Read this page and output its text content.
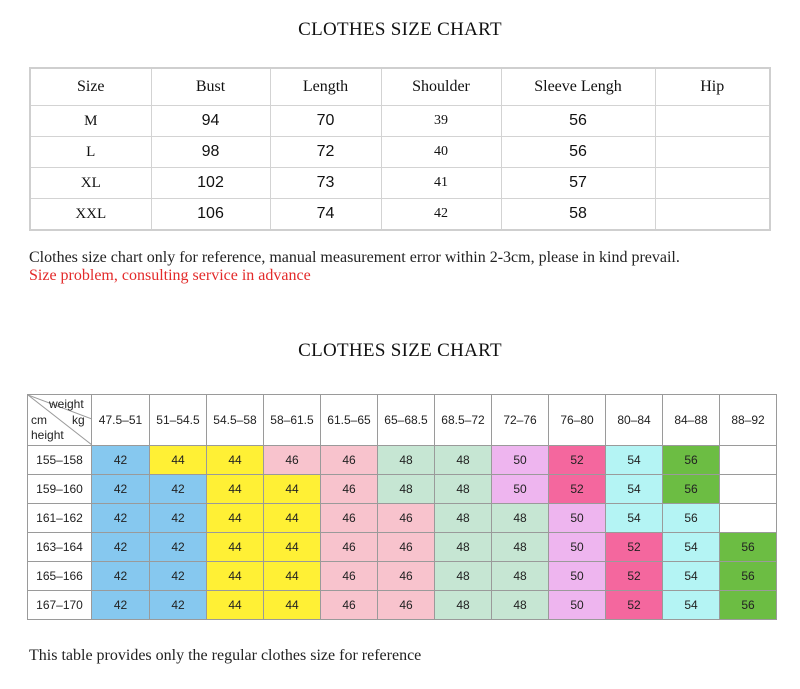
CLOTHES SIZE CHART
Size	Bust	Length	Shoulder	Sleeve Lengh	Hip
M	94	70	39	56	
L	98	72	40	56	
XL	102	73	41	57	
XXL	106	74	42	58	
Clothes size chart only for reference, manual measurement error within 2-3cm, please in kind prevail.
Size problem, consulting service in advance
CLOTHES SIZE CHART
weight
cm kg
height	47.5–51	51–54.5	54.5–58	58–61.5	61.5–65	65–68.5	68.5–72	72–76	76–80	80–84	84–88	88–92
155–158	42	44	44	46	46	48	48	50	52	54	56	
159–160	42	42	44	44	46	48	48	50	52	54	56	
161–162	42	42	44	44	46	46	48	48	50	54	56	
163–164	42	42	44	44	46	46	48	48	50	52	54	56
165–166	42	42	44	44	46	46	48	48	50	52	54	56
167–170	42	42	44	44	46	46	48	48	50	52	54	56
This table provides only the regular clothes size for reference
